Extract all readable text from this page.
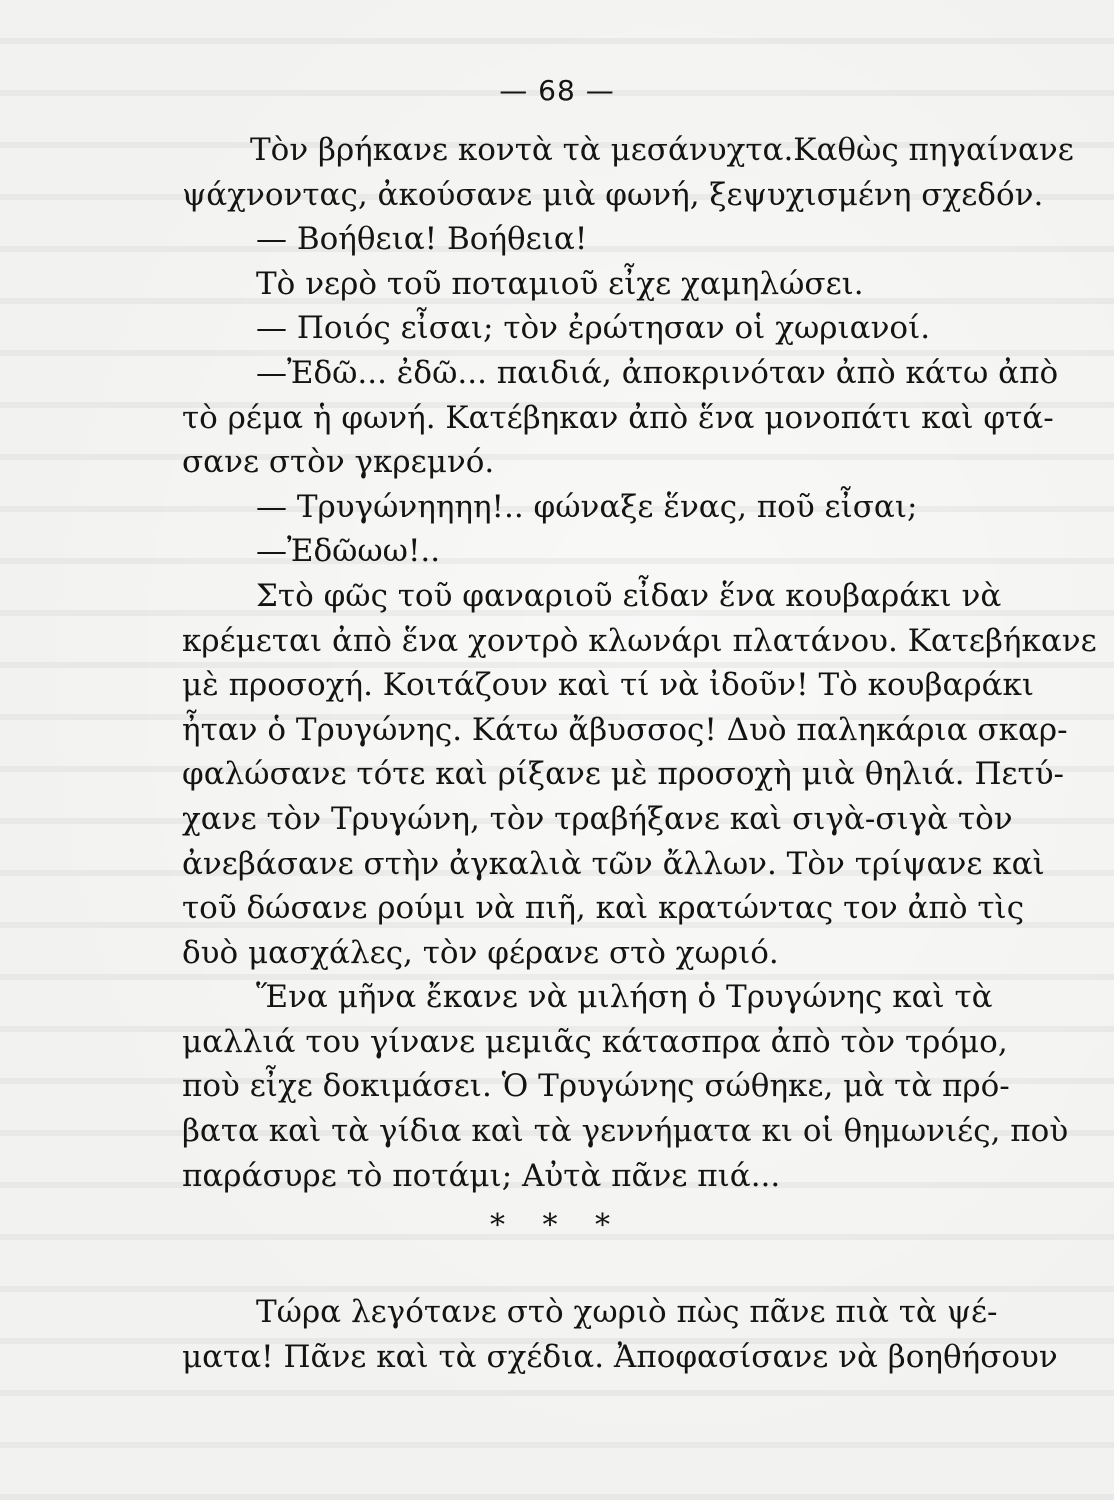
— 68 —
Τὸν βρήκανε κοντὰ τὰ μεσάνυχτα.Καθὼς πηγαίνανε
ψάχνοντας, ἀκούσανε μιὰ φωνή, ξεψυχισμένη σχεδόν.
— Βοήθεια! Βοήθεια!
Τὸ νερὸ τοῦ ποταμιοῦ εἶχε χαμηλώσει.
— Ποιός εἶσαι; τὸν ἐρώτησαν οἱ χωριανοί.
—Ἐδῶ... ἐδῶ... παιδιά, ἀποκρινόταν ἀπὸ κάτω ἀπὸ
τὸ ρέμα ἡ φωνή. Κατέβηκαν ἀπὸ ἕνα μονοπάτι καὶ φτά-
σανε στὸν γκρεμνό.
— Τρυγώνηηηη!.. φώναξε ἕνας, ποῦ εἶσαι;
—Ἐδῶωω!..
Στὸ φῶς τοῦ φαναριοῦ εἶδαν ἕνα κουβαράκι νὰ
κρέμεται ἀπὸ ἕνα χοντρὸ κλωνάρι πλατάνου. Κατεβήκανε
μὲ προσοχή. Κοιτάζουν καὶ τί νὰ ἰδοῦν! Τὸ κουβαράκι
ἦταν ὁ Τρυγώνης. Κάτω ἄβυσσος! Δυὸ παληκάρια σκαρ-
φαλώσανε τότε καὶ ρίξανε μὲ προσοχὴ μιὰ θηλιά. Πετύ-
χανε τὸν Τρυγώνη, τὸν τραβήξανε καὶ σιγὰ-σιγὰ τὸν
ἀνεβάσανε στὴν ἀγκαλιὰ τῶν ἄλλων. Τὸν τρίψανε καὶ
τοῦ δώσανε ρούμι νὰ πιῆ, καὶ κρατώντας τον ἀπὸ τὶς
δυὸ μασχάλες, τὸν φέρανε στὸ χωριό.
Ἕνα μῆνα ἔκανε νὰ μιλήση ὁ Τρυγώνης καὶ τὰ
μαλλιά του γίνανε μεμιᾶς κάτασπρα ἀπὸ τὸν τρόμο,
ποὺ εἶχε δοκιμάσει. Ὁ Τρυγώνης σώθηκε, μὰ τὰ πρό-
βατα καὶ τὰ γίδια καὶ τὰ γεννήματα κι οἱ θημωνιές, ποὺ
παράσυρε τὸ ποτάμι; Αὐτὰ πᾶνε πιά...
* * *
Τώρα λεγότανε στὸ χωριὸ πὼς πᾶνε πιὰ τὰ ψέ-
ματα! Πᾶνε καὶ τὰ σχέδια. Ἀποφασίσανε νὰ βοηθήσουν
